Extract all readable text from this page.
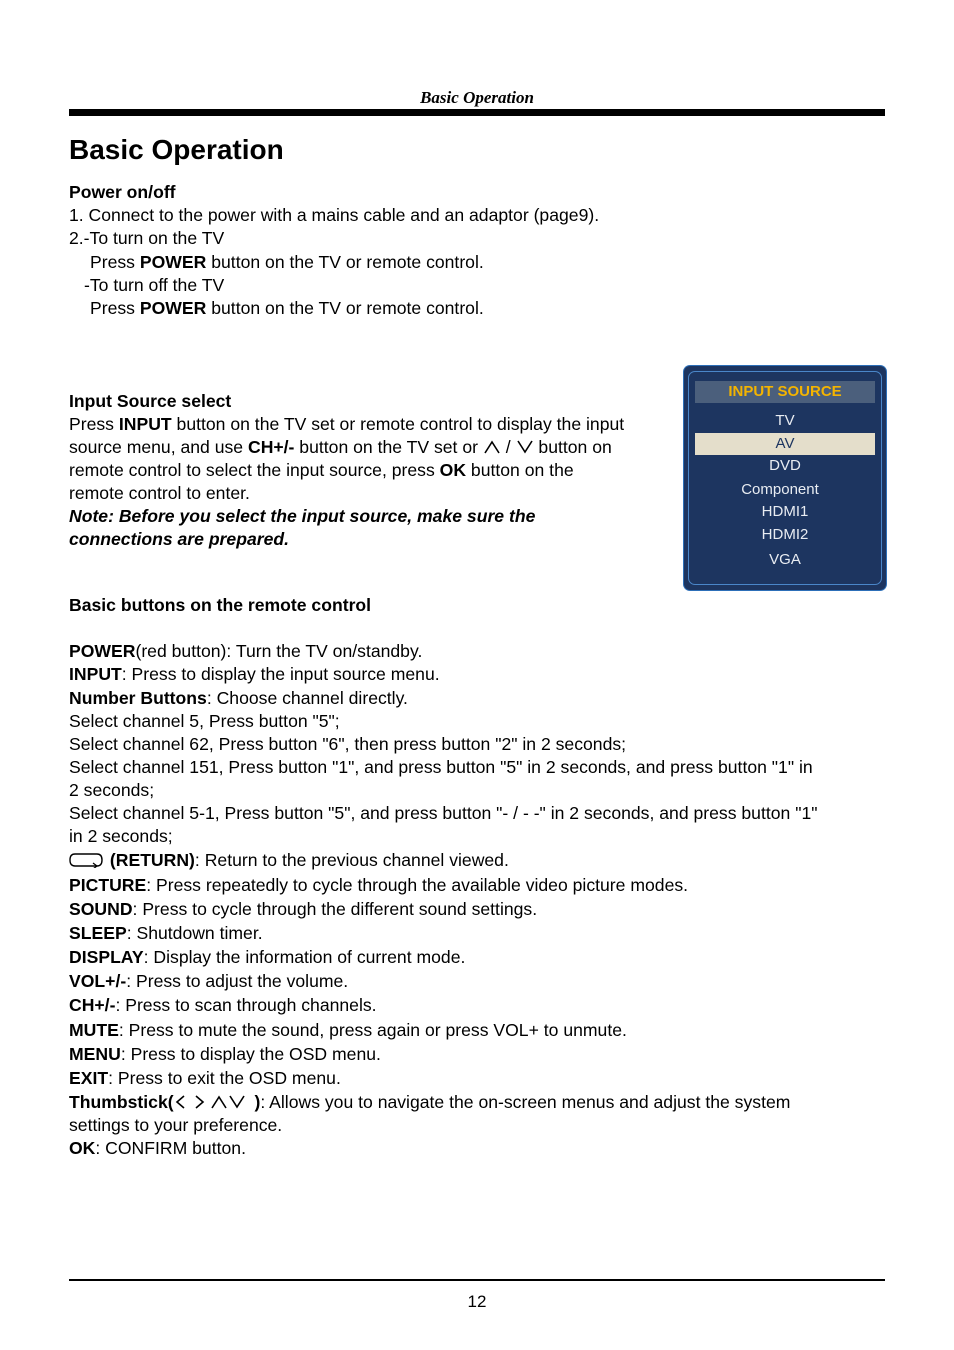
Basic Operation
Basic Operation
Power on/off
1. Connect to the power with a mains cable and an adaptor (page9).
2.-To turn on the TV
Press POWER button on the TV or remote control.
-To turn off the TV
Press POWER button on the TV or remote control.
Input Source select
Press INPUT button on the TV set or remote control to display the input
source menu, and use CH+/- button on the TV set or  /  button on
remote control to select the input source, press OK button on the
remote control to enter.
Note: Before you select the input source, make sure the
connections are prepared.
INPUT SOURCE
TV
AV
DVD
Component
HDMI1
HDMI2
VGA
Basic buttons on the remote control
POWER(red button): Turn the TV on/standby.
INPUT: Press to display the input source menu.
Number Buttons: Choose channel directly.
Select channel 5, Press button "5";
Select channel 62, Press button "6", then press button "2" in 2 seconds;
Select channel 151, Press button "1", and press button "5" in 2 seconds, and press button "1" in
2 seconds;
Select channel 5-1, Press button "5", and press button "- / - -" in 2 seconds, and press button "1"
in 2 seconds;
(RETURN): Return to the previous channel viewed.
PICTURE: Press repeatedly to cycle through the available video picture modes.
SOUND: Press to cycle through the different sound settings.
SLEEP: Shutdown timer.
DISPLAY: Display the information of current mode.
VOL+/-: Press to adjust the volume.
CH+/-: Press to scan through channels.
MUTE: Press to mute the sound, press again or press VOL+ to unmute.
MENU: Press to display the OSD menu.
EXIT: Press to exit the OSD menu.
Thumbstick(	): Allows you to navigate the on-screen menus and adjust the system
settings to your preference.
OK: CONFIRM button.
12
